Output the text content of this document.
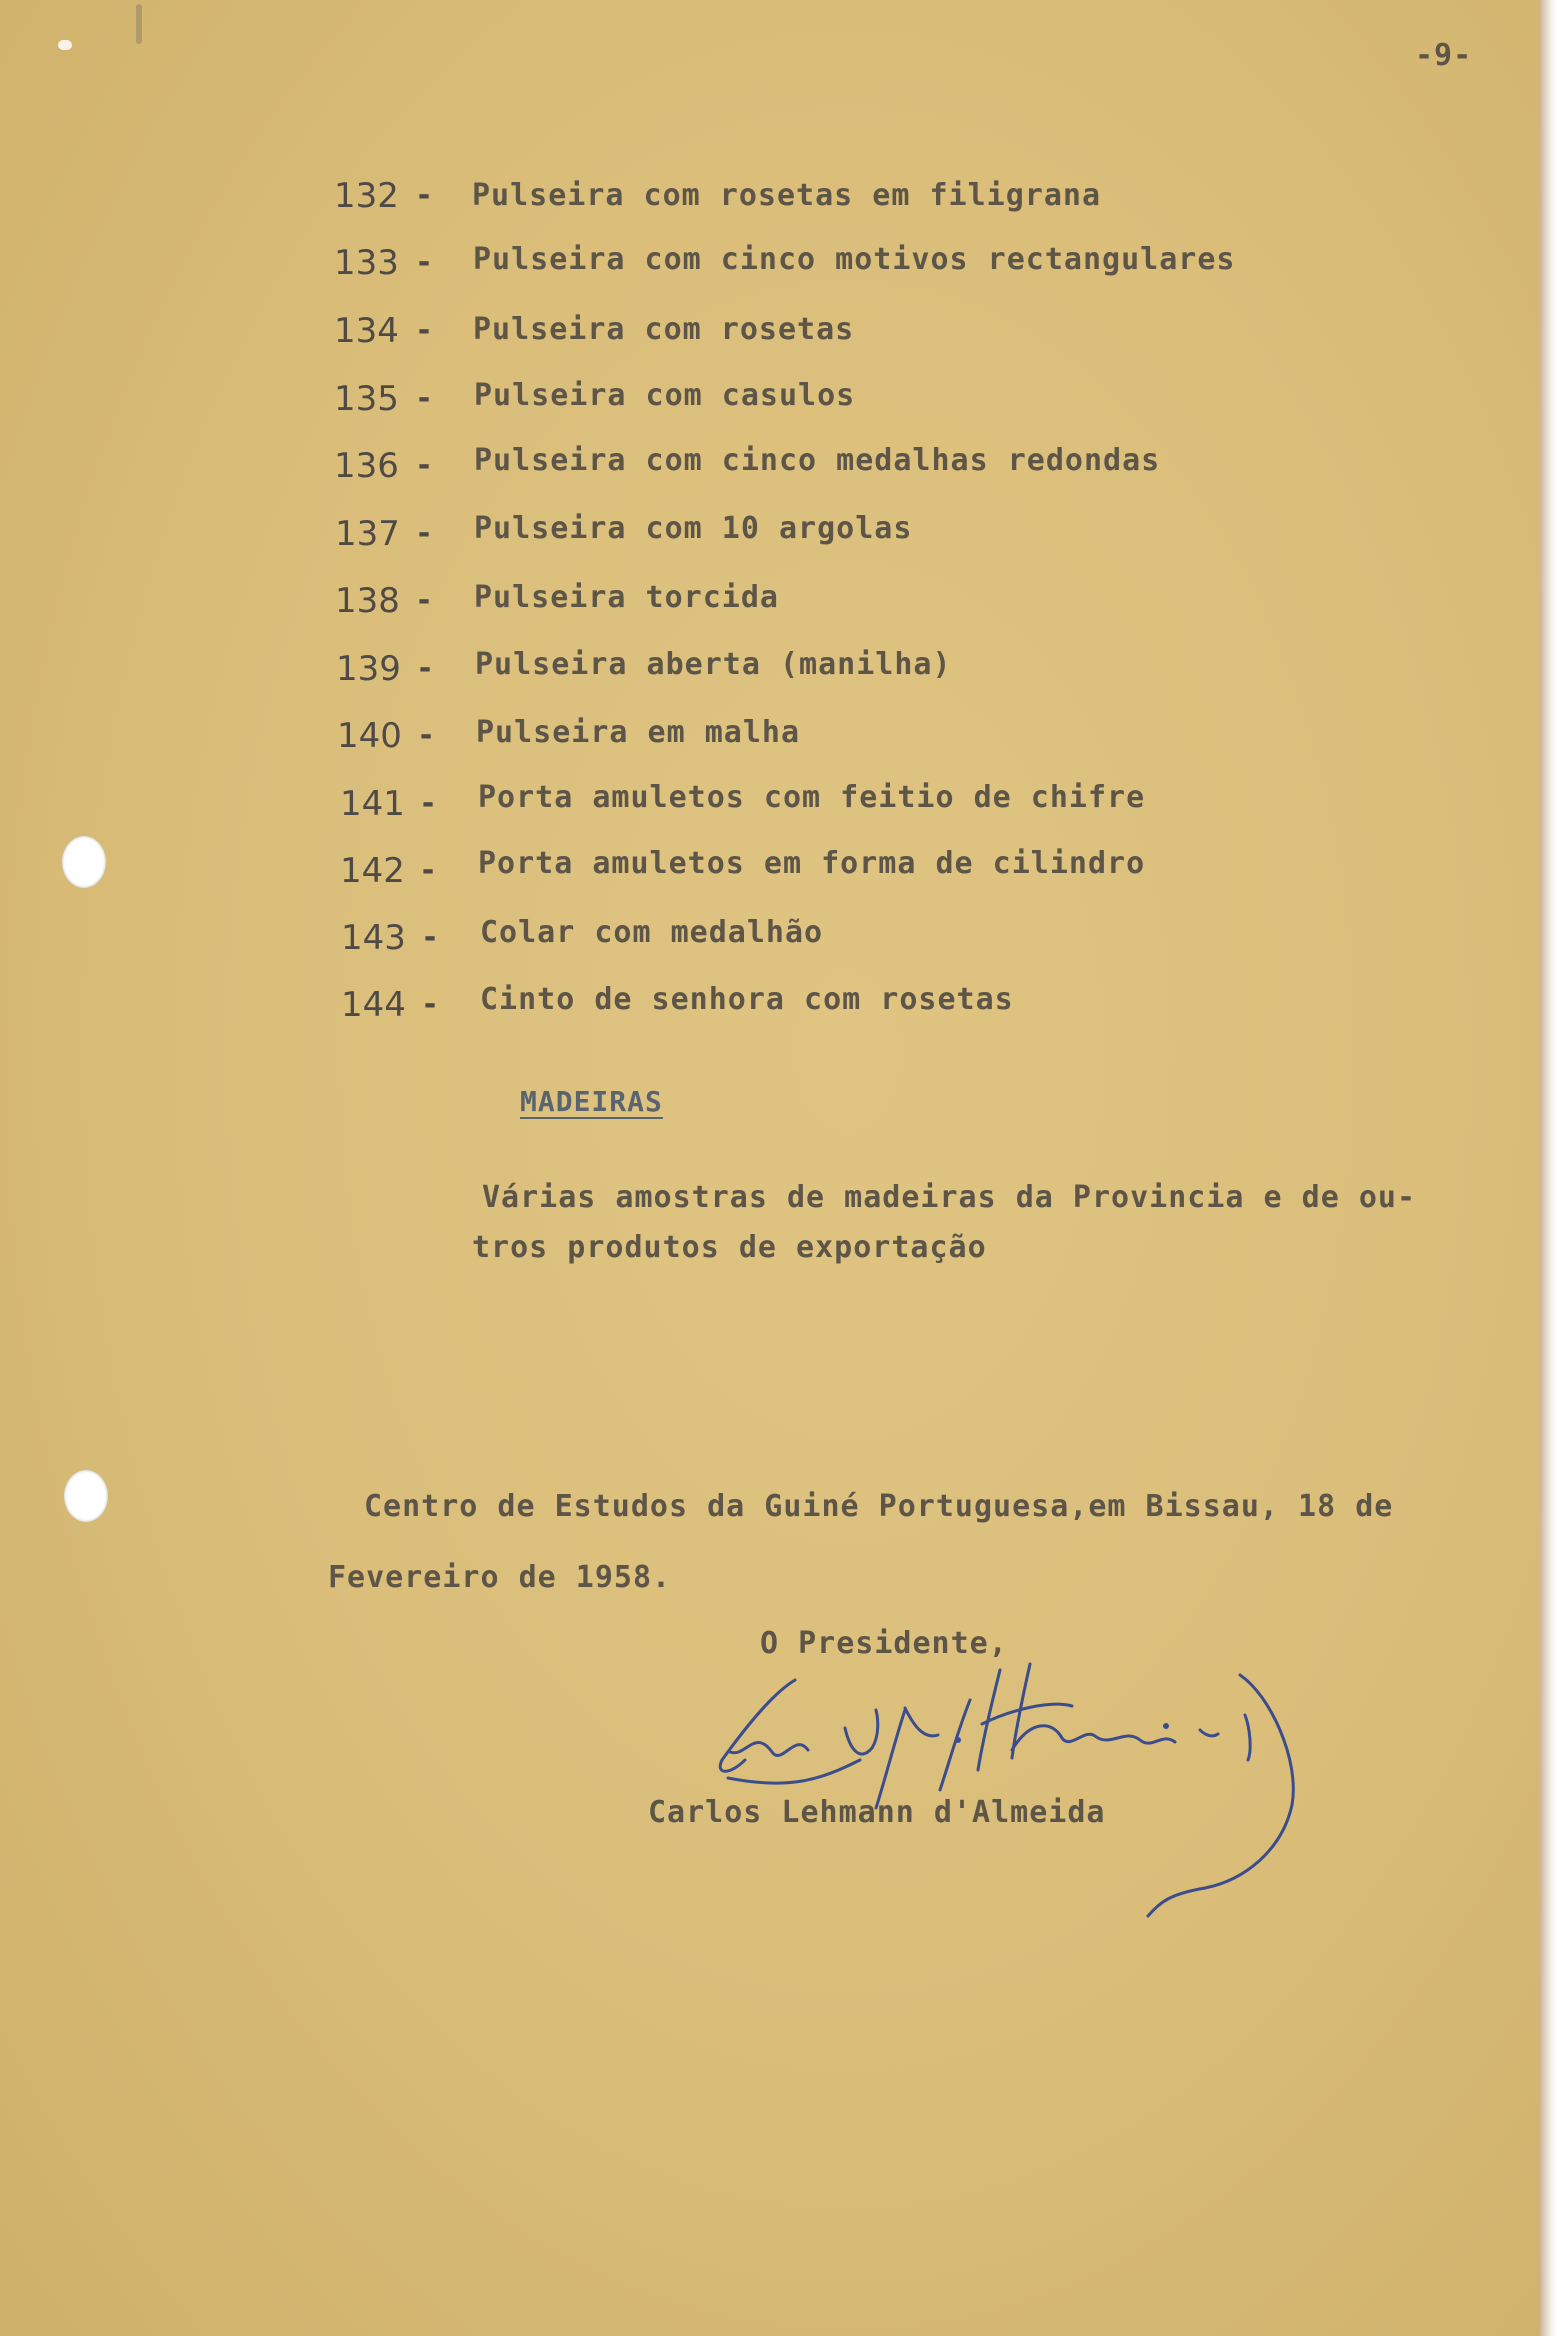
-9-
132 - Pulseira com rosetas em filigrana
133 - Pulseira com cinco motivos rectangulares
134 - Pulseira com rosetas
135 - Pulseira com casulos
136 - Pulseira com cinco medalhas redondas
137 - Pulseira com 10 argolas
138 - Pulseira torcida
139 - Pulseira aberta (manilha)
140 - Pulseira em malha
141 - Porta amuletos com feitio de chifre
142 - Porta amuletos em forma de cilindro
143 - Colar com medalhão
144 - Cinto de senhora com rosetas
MADEIRAS
Várias amostras de madeiras da Provincia e de ou-
tros produtos de exportação
Centro de Estudos da Guiné Portuguesa,em Bissau, 18 de
Fevereiro de 1958.
O Presidente,
Carlos Lehmann d'Almeida
